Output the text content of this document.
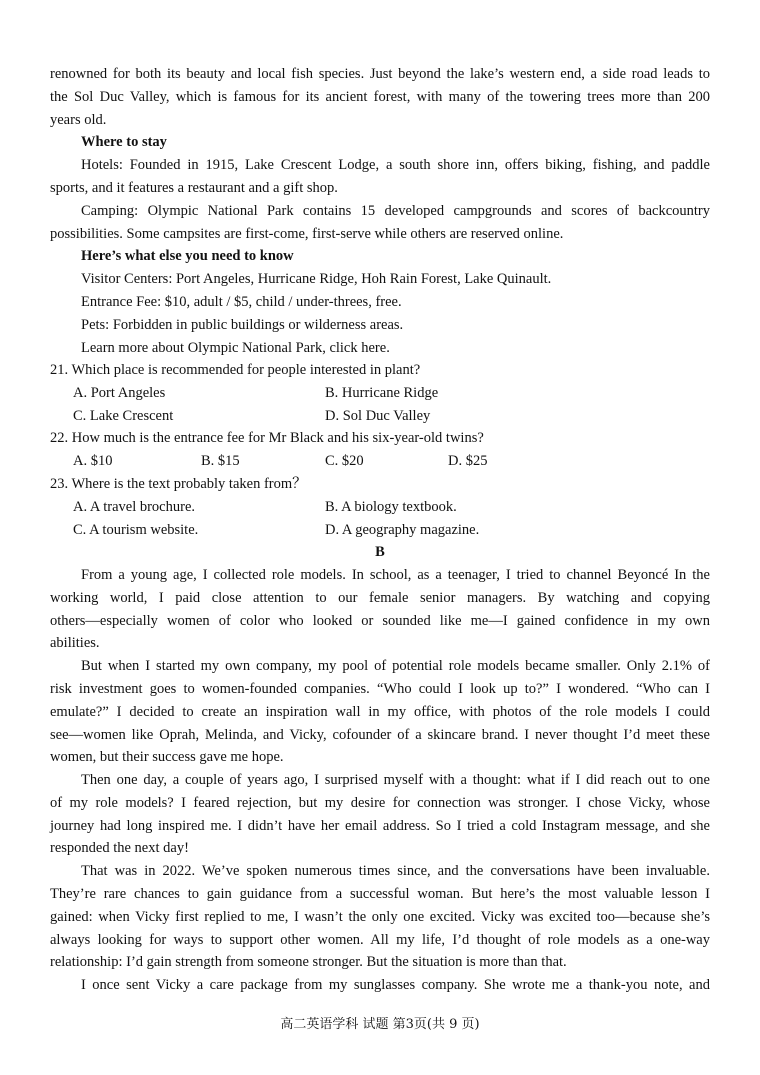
renowned for both its beauty and local fish species. Just beyond the lake’s western end, a side road leads to
the Sol Duc Valley, which is famous for its ancient forest, with many of the towering trees more than 200
years old.
Where to stay
Hotels: Founded in 1915, Lake Crescent Lodge, a south shore inn, offers biking, fishing, and paddle
sports, and it features a restaurant and a gift shop.
Camping: Olympic National Park contains 15 developed campgrounds and scores of backcountry
possibilities. Some campsites are first-come, first-serve while others are reserved online.
Here’s what else you need to know
Visitor Centers: Port Angeles, Hurricane Ridge, Hoh Rain Forest, Lake Quinault.
Entrance Fee: $10, adult / $5, child / under-threes, free.
Pets: Forbidden in public buildings or wilderness areas.
Learn more about Olympic National Park, click here.
21. Which place is recommended for people interested in plant?
A. Port Angeles	B. Hurricane Ridge
C. Lake Crescent	D. Sol Duc Valley
22. How much is the entrance fee for Mr Black and his six-year-old twins?
A. $10	B. $15	C. $20	D. $25
23. Where is the text probably taken from？
A. A travel brochure.	B. A biology textbook.
C. A tourism website.	D. A geography magazine.
B
From a young age, I collected role models. In school, as a teenager, I tried to channel Beyoncé In the
working world, I paid close attention to our female senior managers. By watching and copying
others—especially women of color who looked or sounded like me—I gained confidence in my own
abilities.
But when I started my own company, my pool of potential role models became smaller. Only 2.1% of
risk investment goes to women-founded companies. “Who could I look up to?” I wondered. “Who can I
emulate?” I decided to create an inspiration wall in my office, with photos of the role models I could
see—women like Oprah, Melinda, and Vicky, cofounder of a skincare brand. I never thought I’d meet these
women, but their success gave me hope.
Then one day, a couple of years ago, I surprised myself with a thought: what if I did reach out to one
of my role models? I feared rejection, but my desire for connection was stronger. I chose Vicky, whose
journey had long inspired me. I didn’t have her email address. So I tried a cold Instagram message, and she
responded the next day!
That was in 2022. We’ve spoken numerous times since, and the conversations have been invaluable.
They’re rare chances to gain guidance from a successful woman. But here’s the most valuable lesson I
gained: when Vicky first replied to me, I wasn’t the only one excited. Vicky was excited too—because she’s
always looking for ways to support other women. All my life, I’d thought of role models as a one-way
relationship: I’d gain strength from someone stronger. But the situation is more than that.
I once sent Vicky a care package from my sunglasses company. She wrote me a thank-you note, and
高二英语学科 试题 第3页(共 9 页)
